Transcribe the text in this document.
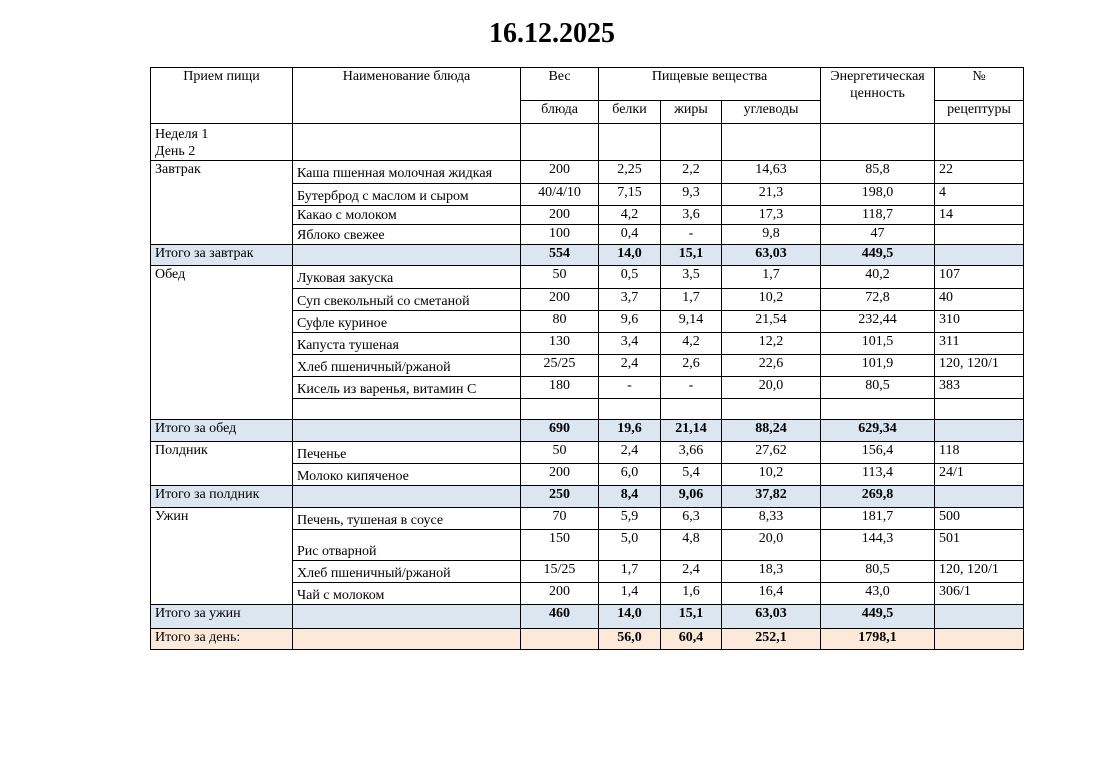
16.12.2025
Прием пищи	Наименование блюда	Вес	Пищевые вещества			Энергетическая ценность	№
		блюда	белки	жиры	углеводы		рецептуры

Неделя 1
День 2							

Завтрак	Каша пшенная молочная жидкая	200	2,25	2,2	14,63	85,8	22
	Бутерброд с маслом и сыром	40/4/10	7,15	9,3	21,3	198,0	4
	Какао с молоком	200	4,2	3,6	17,3	118,7	14
	Яблоко свежее	100	0,4	-	9,8	47	
Итого за завтрак		554	14,0	15,1	63,03	449,5	
Обед	Луковая закуска	50	0,5	3,5	1,7	40,2	107
	Суп свекольный со сметаной	200	3,7	1,7	10,2	72,8	40
	Суфле куриное	80	9,6	9,14	21,54	232,44	310
	Капуста тушеная	130	3,4	4,2	12,2	101,5	311
	Хлеб пшеничный/ржаной	25/25	2,4	2,6	22,6	101,9	120, 120/1
	Кисель из варенья, витамин С	180	-	-	20,0	80,5	383

Итого за обед		690	19,6	21,14	88,24	629,34	
Полдник	Печенье	50	2,4	3,66	27,62	156,4	118
	Молоко кипяченое	200	6,0	5,4	10,2	113,4	24/1
Итого за полдник		250	8,4	9,06	37,82	269,8	
Ужин	Печень, тушеная в соусе	70	5,9	6,3	8,33	181,7	500
	Рис отварной	150	5,0	4,8	20,0	144,3	501
	Хлеб пшеничный/ржаной	15/25	1,7	2,4	18,3	80,5	120, 120/1
	Чай с молоком	200	1,4	1,6	16,4	43,0	306/1
Итого за ужин		460	14,0	15,1	63,03	449,5	
Итого за день:			56,0	60,4	252,1	1798,1	
